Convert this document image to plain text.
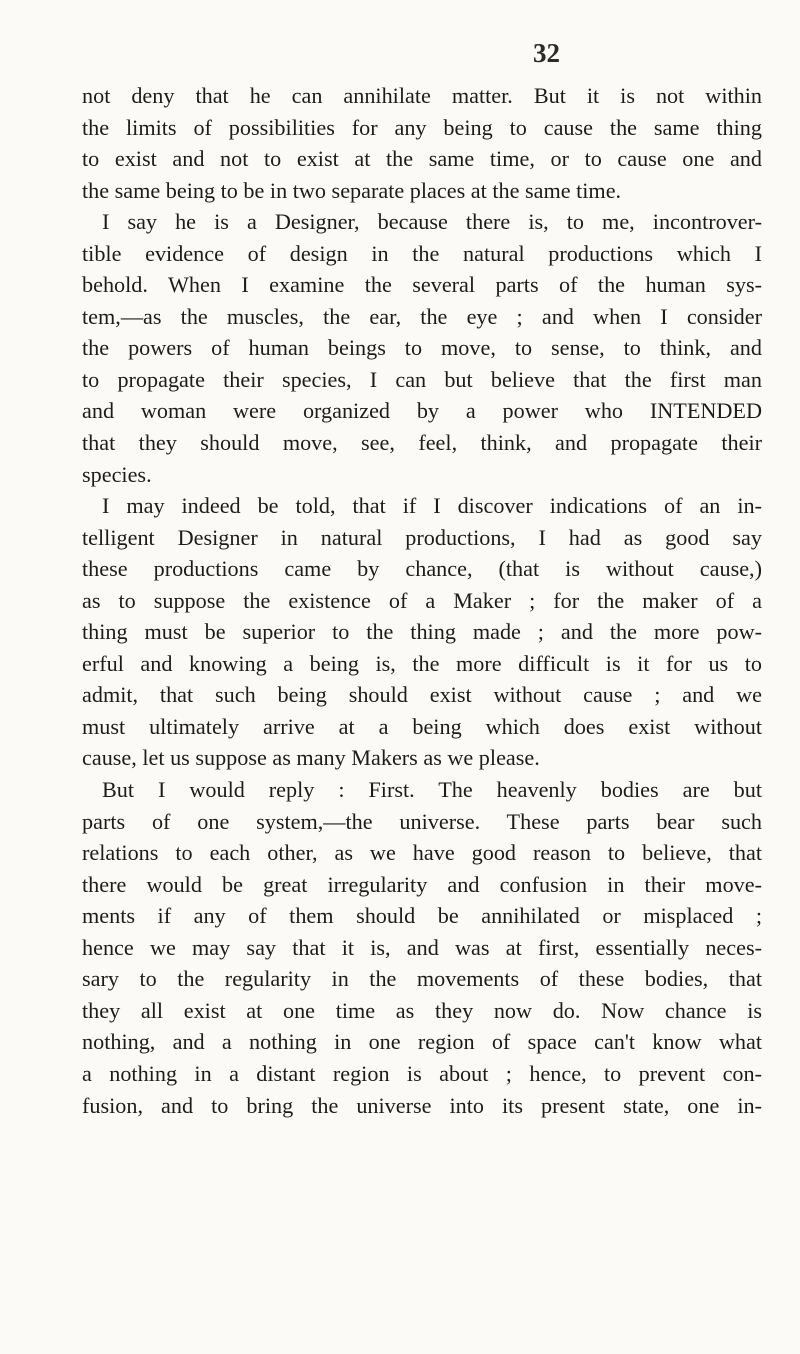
32
not deny that he can annihilate matter. But it is not within
the limits of possibilities for any being to cause the same thing
to exist and not to exist at the same time, or to cause one and
the same being to be in two separate places at the same time.
I say he is a Designer, because there is, to me, incontrover-
tible evidence of design in the natural productions which I
behold. When I examine the several parts of the human sys-
tem,—as the muscles, the ear, the eye ; and when I consider
the powers of human beings to move, to sense, to think, and
to propagate their species, I can but believe that the first man
and woman were organized by a power who INTENDED
that they should move, see, feel, think, and propagate their
species.
I may indeed be told, that if I discover indications of an in-
telligent Designer in natural productions, I had as good say
these productions came by chance, (that is without cause,)
as to suppose the existence of a Maker ; for the maker of a
thing must be superior to the thing made ; and the more pow-
erful and knowing a being is, the more difficult is it for us to
admit, that such being should exist without cause ; and we
must ultimately arrive at a being which does exist without
cause, let us suppose as many Makers as we please.
But I would reply : First. The heavenly bodies are but
parts of one system,—the universe. These parts bear such
relations to each other, as we have good reason to believe, that
there would be great irregularity and confusion in their move-
ments if any of them should be annihilated or misplaced ;
hence we may say that it is, and was at first, essentially neces-
sary to the regularity in the movements of these bodies, that
they all exist at one time as they now do. Now chance is
nothing, and a nothing in one region of space can't know what
a nothing in a distant region is about ; hence, to prevent con-
fusion, and to bring the universe into its present state, one in-
